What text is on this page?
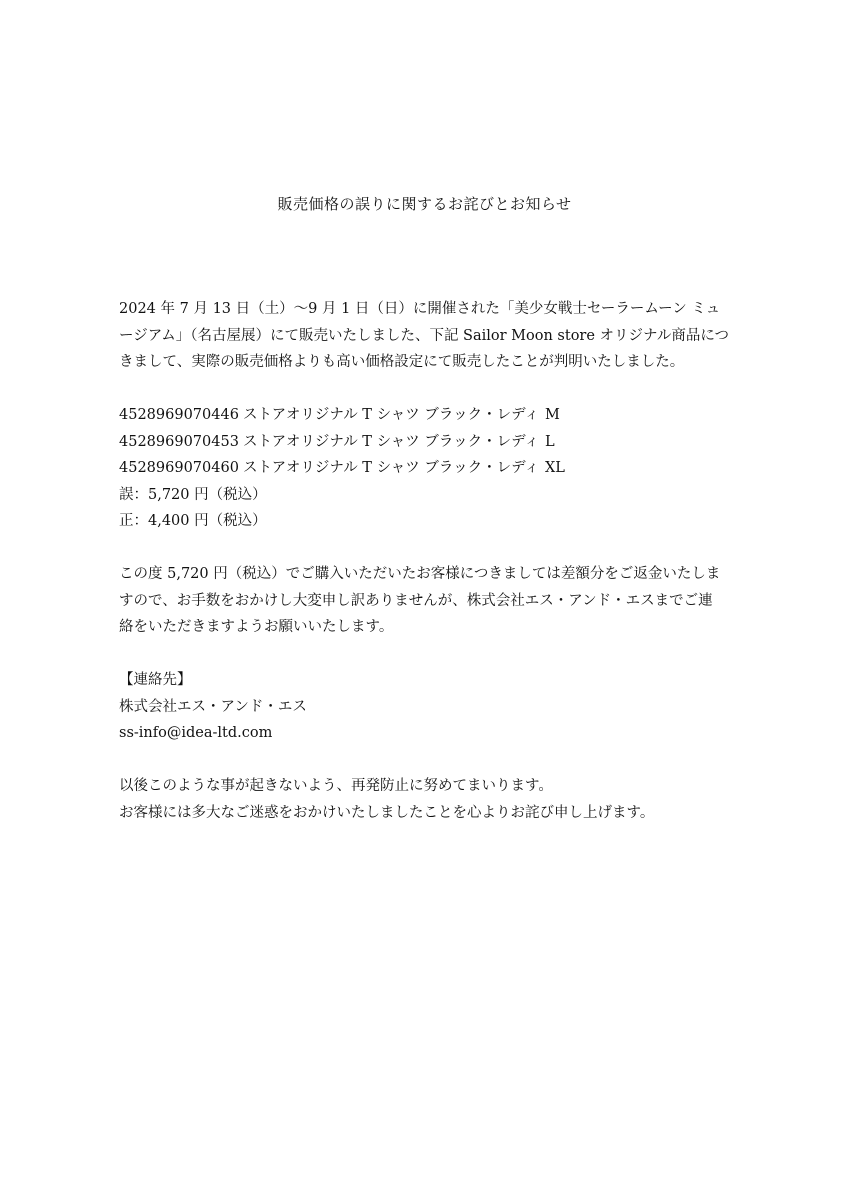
販売価格の誤りに関するお詫びとお知らせ
2024 年 7 月 13 日（土）〜9 月 1 日（日）に開催された「美少女戦士セーラームーン ミュ
ージアム」（名古屋展）にて販売いたしました、下記 Sailor Moon store オリジナル商品につ
きまして、実際の販売価格よりも高い価格設定にて販売したことが判明いたしました。
4528969070446 ストアオリジナル T シャツ ブラック・レディ M
4528969070453 ストアオリジナル T シャツ ブラック・レディ L
4528969070460 ストアオリジナル T シャツ ブラック・レディ XL
誤：5,720 円（税込）
正：4,400 円（税込）
この度 5,720 円（税込）でご購入いただいたお客様につきましては差額分をご返金いたしま
すので、お手数をおかけし大変申し訳ありませんが、株式会社エス・アンド・エスまでご連
絡をいただきますようお願いいたします。
【連絡先】
株式会社エス・アンド・エス
ss-info@idea-ltd.com
以後このような事が起きないよう、再発防止に努めてまいります。
お客様には多大なご迷惑をおかけいたしましたことを心よりお詫び申し上げます。
